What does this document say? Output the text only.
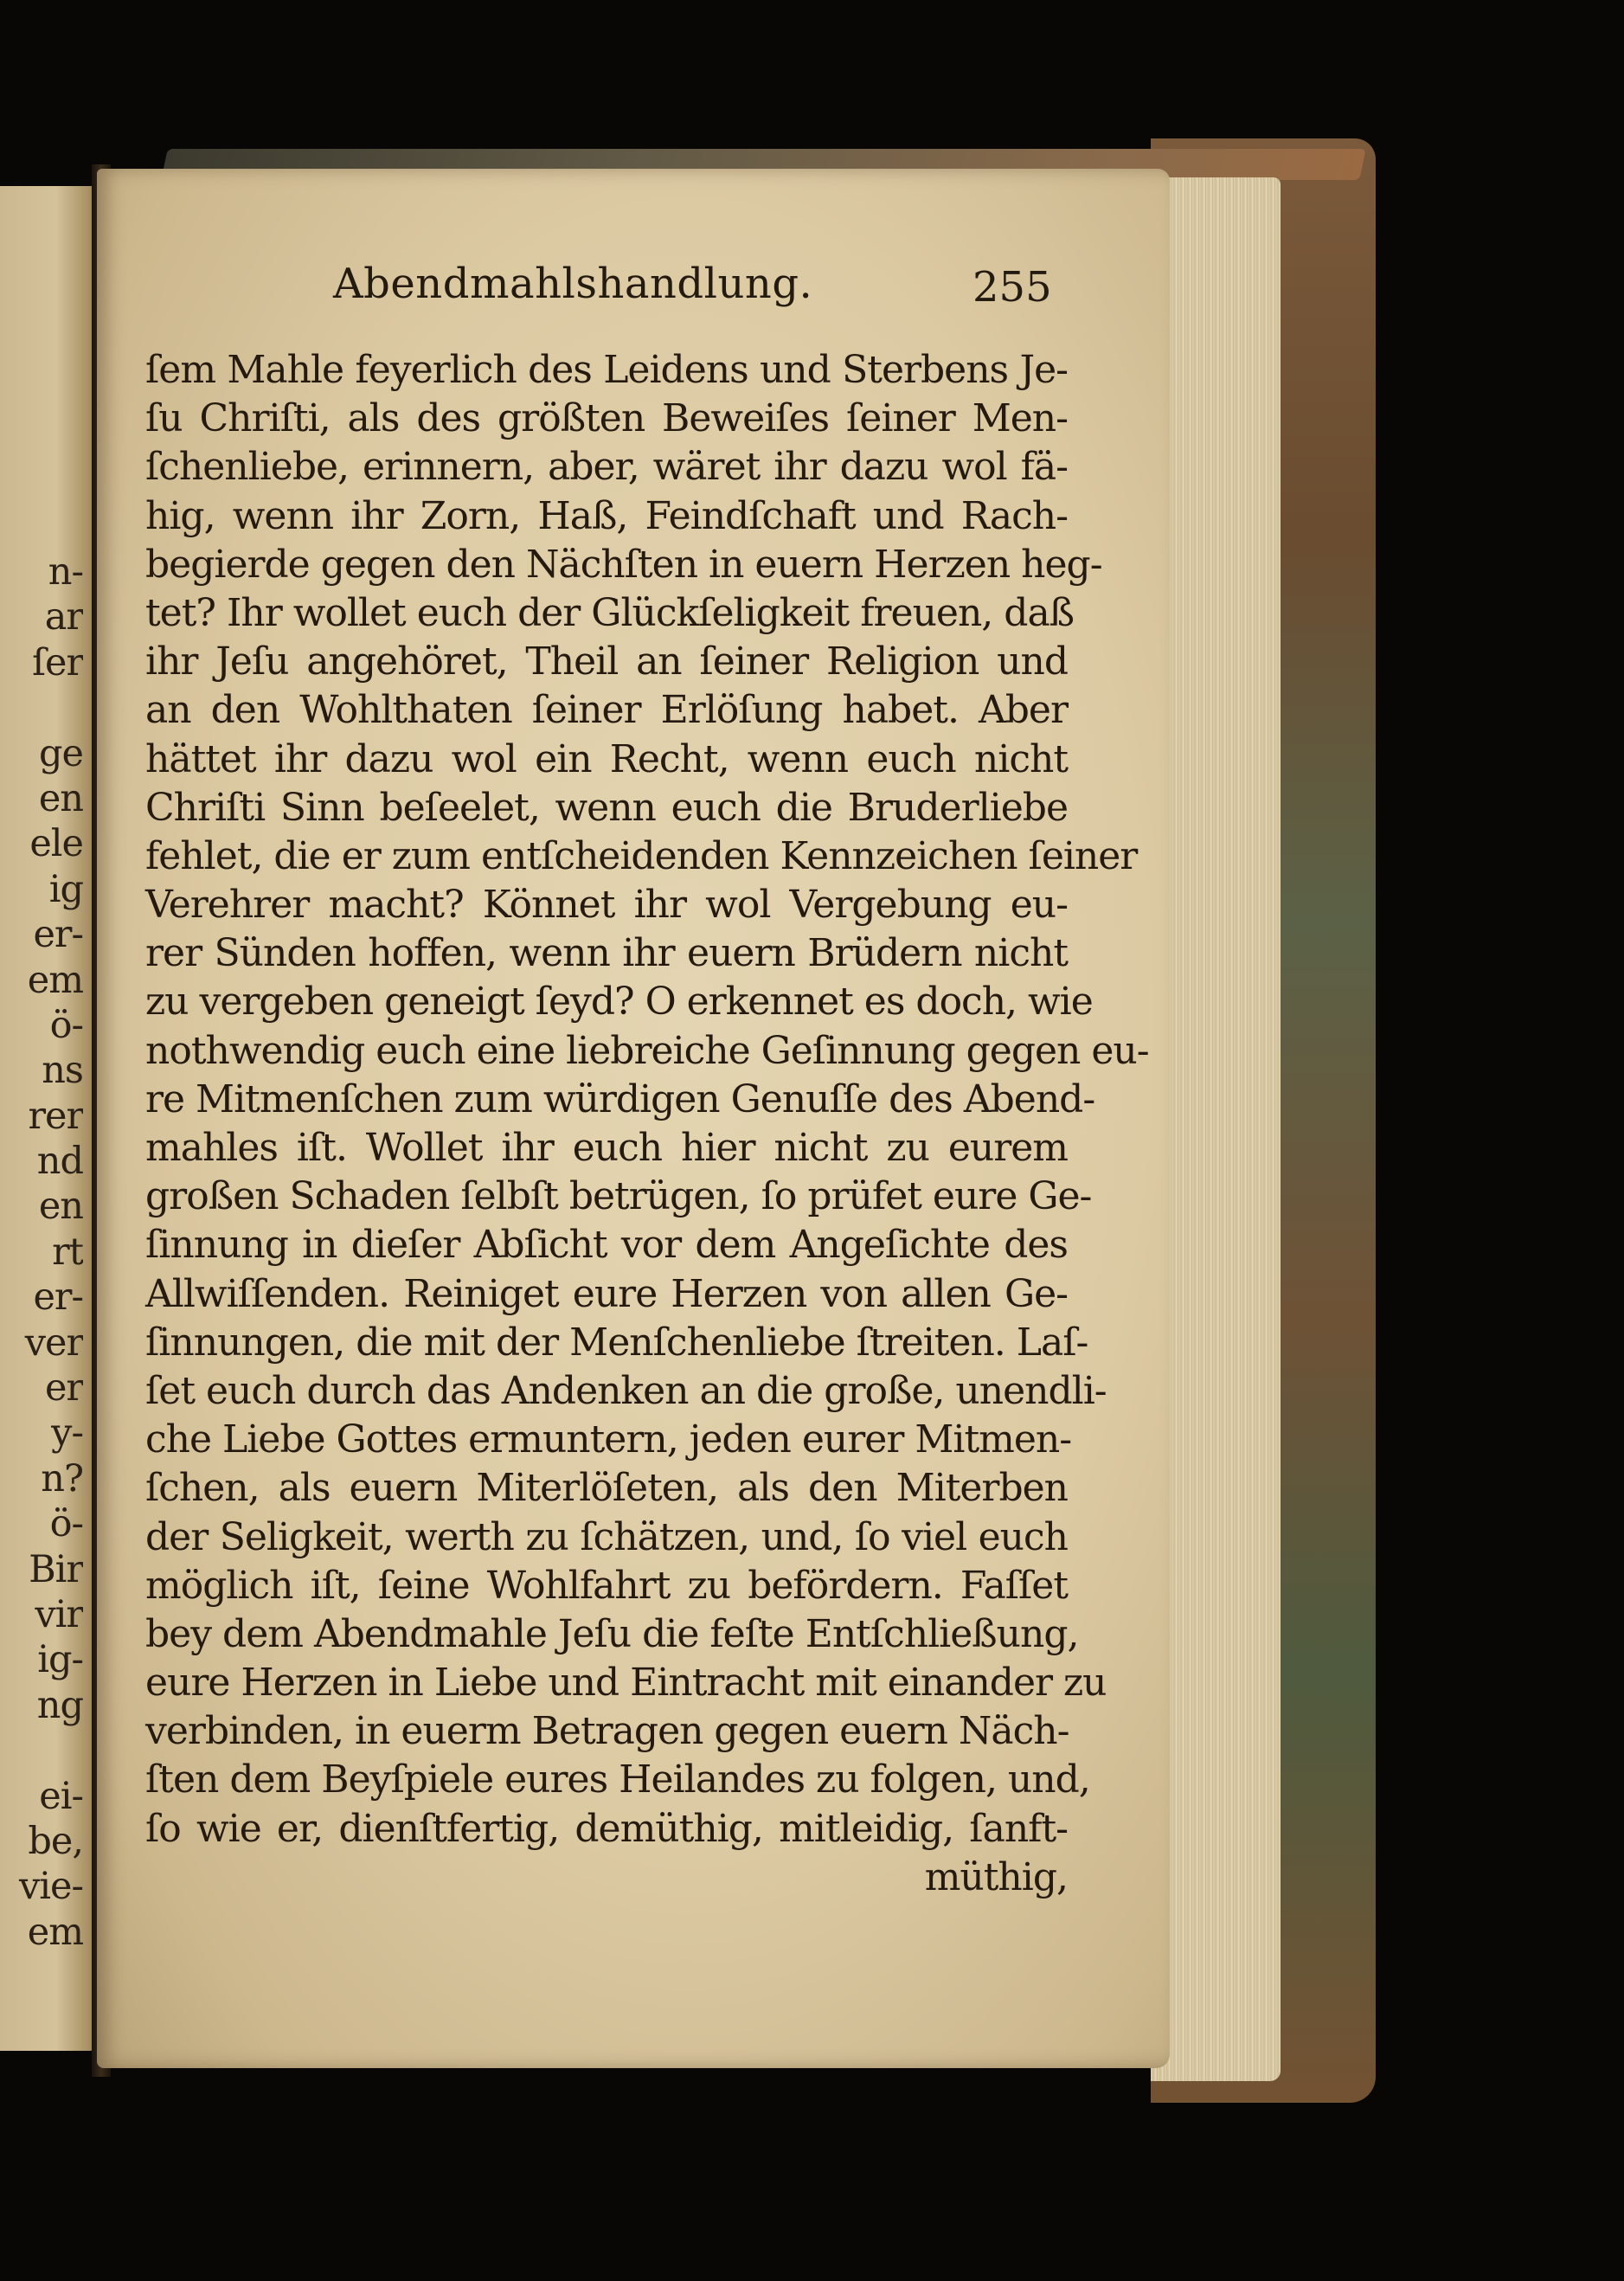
n-
ar
ſer
ge
en
ele
ig
er-
em
ö-
ns
rer
nd
en
rt
er-
ver
er
y-
n?
ö-
Bir
vir
ig-
ng
ei-
be,
vie-
em
Abendmahlshandlung.	255
ſem Mahle feyerlich des Leidens und Sterbens Je-
ſu Chriſti, als des größten Beweiſes ſeiner Men-
ſchenliebe, erinnern, aber, wäret ihr dazu wol fä-
hig, wenn ihr Zorn, Haß, Feindſchaft und Rach-
begierde gegen den Nächſten in euern Herzen heg-
tet? Ihr wollet euch der Glückſeligkeit freuen, daß
ihr Jeſu angehöret, Theil an ſeiner Religion und
an den Wohlthaten ſeiner Erlöſung habet. Aber
hättet ihr dazu wol ein Recht, wenn euch nicht
Chriſti Sinn beſeelet, wenn euch die Bruderliebe
fehlet, die er zum entſcheidenden Kennzeichen ſeiner
Verehrer macht? Könnet ihr wol Vergebung eu-
rer Sünden hoffen, wenn ihr euern Brüdern nicht
zu vergeben geneigt ſeyd? O erkennet es doch, wie
nothwendig euch eine liebreiche Geſinnung gegen eu-
re Mitmenſchen zum würdigen Genuſſe des Abend-
mahles iſt. Wollet ihr euch hier nicht zu eurem
großen Schaden ſelbſt betrügen, ſo prüfet eure Ge-
ſinnung in dieſer Abſicht vor dem Angeſichte des
Allwiſſenden. Reiniget eure Herzen von allen Ge-
ſinnungen, die mit der Menſchenliebe ſtreiten. Laſ-
ſet euch durch das Andenken an die große, unendli-
che Liebe Gottes ermuntern, jeden eurer Mitmen-
ſchen, als euern Miterlöſeten, als den Miterben
der Seligkeit, werth zu ſchätzen, und, ſo viel euch
möglich iſt, ſeine Wohlfahrt zu befördern. Faſſet
bey dem Abendmahle Jeſu die feſte Entſchließung,
eure Herzen in Liebe und Eintracht mit einander zu
verbinden, in euerm Betragen gegen euern Näch-
ſten dem Beyſpiele eures Heilandes zu folgen, und,
ſo wie er, dienſtfertig, demüthig, mitleidig, ſanft-
müthig,
